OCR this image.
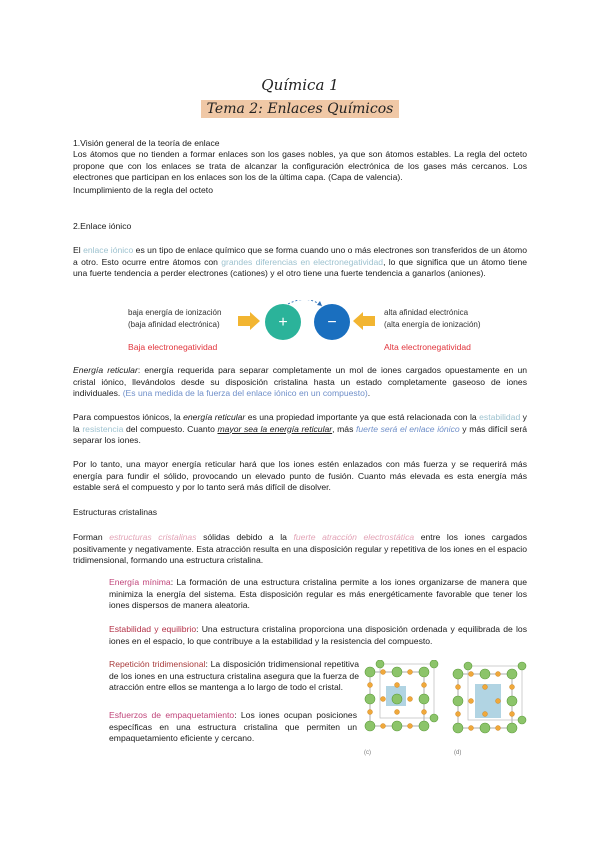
Química 1
Tema 2: Enlaces Químicos
1.Visión general de la teoría de enlace
Los átomos que no tienden a formar enlaces son los gases nobles, ya que son átomos estables. La regla del octeto propone que con los enlaces se trata de alcanzar la configuración electrónica de los gases más cercanos. Los electrones que participan en los enlaces son los de la última capa. (Capa de valencia).
Incumplimiento de la regla del octeto
2.Enlace iónico
El enlace iónico es un tipo de enlace químico que se forma cuando uno o más electrones son transferidos de un átomo a otro. Esto ocurre entre átomos con grandes diferencias en electronegatividad, lo que significa que un átomo tiene una fuerte tendencia a perder electrones (cationes) y el otro tiene una fuerte tendencia a ganarlos (aniones).
baja energía de ionización
(baja afinidad electrónica)
Baja electronegatividad
+ −
alta afinidad electrónica
(alta energía de ionización)
Alta electronegatividad
Energía reticular: energía requerida para separar completamente un mol de iones cargados opuestamente en un cristal iónico, llevándolos desde su disposición cristalina hasta un estado completamente gaseoso de iones individuales. (Es una medida de la fuerza del enlace iónico en un compuesto).
Para compuestos iónicos, la energía reticular es una propiedad importante ya que está relacionada con la estabilidad y la resistencia del compuesto. Cuanto mayor sea la energía reticular, más fuerte será el enlace iónico y más difícil será separar los iones.
Por lo tanto, una mayor energía reticular hará que los iones estén enlazados con más fuerza y se requerirá más energía para fundir el sólido, provocando un elevado punto de fusión. Cuanto más elevada es esta energía más estable será el compuesto y por lo tanto será más difícil de disolver.
Estructuras cristalinas
Forman estructuras cristalinas sólidas debido a la fuerte atracción electrostática entre los iones cargados positivamente y negativamente. Esta atracción resulta en una disposición regular y repetitiva de los iones en el espacio tridimensional, formando una estructura cristalina.
Energía mínima: La formación de una estructura cristalina permite a los iones organizarse de manera que minimiza la energía del sistema. Esta disposición regular es más energéticamente favorable que tener los iones dispersos de manera aleatoria.
Estabilidad y equilibrio: Una estructura cristalina proporciona una disposición ordenada y equilibrada de los iones en el espacio, lo que contribuye a la estabilidad y la resistencia del compuesto.
Repetición tridimensional: La disposición tridimensional repetitiva de los iones en una estructura cristalina asegura que la fuerza de atracción entre ellos se mantenga a lo largo de todo el cristal.
Esfuerzos de empaquetamiento: Los iones ocupan posiciones específicas en una estructura cristalina que permiten un empaquetamiento eficiente y cercano.
(c)	(d)
